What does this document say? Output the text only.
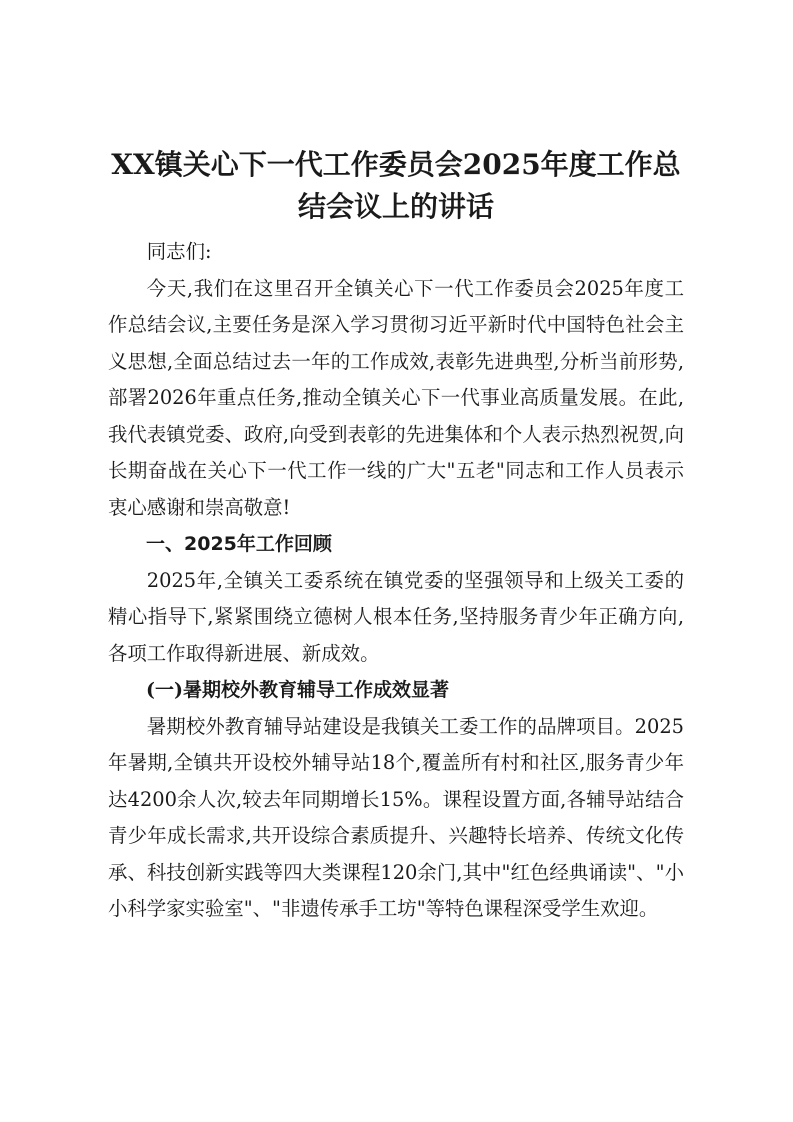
XX镇关心下一代工作委员会2025年度工作总结会议上的讲话

同志们:

今天,我们在这里召开全镇关心下一代工作委员会2025年度工作总结会议,主要任务是深入学习贯彻习近平新时代中国特色社会主义思想,全面总结过去一年的工作成效,表彰先进典型,分析当前形势,部署2026年重点任务,推动全镇关心下一代事业高质量发展。在此,我代表镇党委、政府,向受到表彰的先进集体和个人表示热烈祝贺,向长期奋战在关心下一代工作一线的广大"五老"同志和工作人员表示衷心感谢和崇高敬意!

一、2025年工作回顾

2025年,全镇关工委系统在镇党委的坚强领导和上级关工委的精心指导下,紧紧围绕立德树人根本任务,坚持服务青少年正确方向,各项工作取得新进展、新成效。

(一)暑期校外教育辅导工作成效显著

暑期校外教育辅导站建设是我镇关工委工作的品牌项目。2025年暑期,全镇共开设校外辅导站18个,覆盖所有村和社区,服务青少年达4200余人次,较去年同期增长15%。课程设置方面,各辅导站结合青少年成长需求,共开设综合素质提升、兴趣特长培养、传统文化传承、科技创新实践等四大类课程120余门,其中"红色经典诵读"、"小小科学家实验室"、"非遗传承手工坊"等特色课程深受学生欢迎。
